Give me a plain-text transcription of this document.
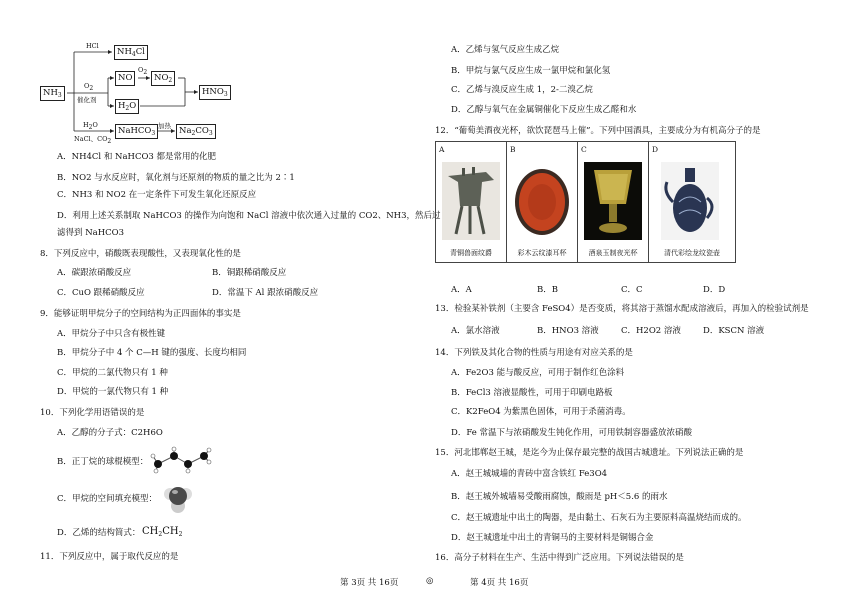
$NH_3$
HCl
$NH_4Cl$
$O_2$
催化剂
NO
$O_2$
$NO_2$
$H_2O$
$HNO_3$
$H_2O$
NaCl、$CO_2$
NaHCO$_3$
加热 $Na_2CO_3$
A．NH4Cl 和 NaHCO3 都是常用的化肥
B．NO2 与水反应时，氧化剂与还原剂的物质的量之比为 2∶1
C．NH3 和 NO2 在一定条件下可发生氧化还原反应
D．利用上述关系制取 NaHCO3 的操作为向饱和 NaCl 溶液中依次通入过量的 CO2、NH3，然后过
滤得到 NaHCO3
8．下列反应中，硝酸既表现酸性，又表现氧化性的是
A．碳跟浓硝酸反应	B．铜跟稀硝酸反应
C．CuO 跟稀硝酸反应	D．常温下 Al 跟浓硝酸反应
9．能够证明甲烷分子的空间结构为正四面体的事实是
A．甲烷分子中只含有极性键
B．甲烷分子中 4 个 C—H 键的强度、长度均相同
C．甲烷的二氯代物只有 1 种
D．甲烷的一氯代物只有 1 种
10．下列化学用语错误的是
A．乙醇的分子式：C2H6O
B．正丁烷的球棍模型：
C．甲烷的空间填充模型：
D．乙烯的结构简式： $CH_2CH_2$
11．下列反应中，属于取代反应的是
A．乙烯与氢气反应生成乙烷
B．甲烷与氯气反应生成一氯甲烷和氯化氢
C．乙烯与溴反应生成 1，2-二溴乙烷
D．乙醇与氧气在金属铜催化下反应生成乙醛和水
12．“葡萄美酒夜光杯，欲饮琵琶马上催”。下列中国酒具，主要成分为有机高分子的是
A
青铜兽面纹爵

B
彩木云纹漆耳杯

C
酒泉玉制夜光杯

D
清代彩绘龙纹瓷壶
A．A	B．B	C．C	D．D
13．检验某补铁剂（主要含 FeSO4）是否变质，将其溶于蒸馏水配成溶液后，再加入的检验试剂是
A．氯水溶液	B．HNO3 溶液	C．H2O2 溶液	D．KSCN 溶液
14．下列铁及其化合物的性质与用途有对应关系的是
A．Fe2O3 能与酸反应，可用于制作红色涂料
B．FeCl3 溶液显酸性，可用于印刷电路板
C．K2FeO4 为紫黑色固体，可用于杀菌消毒。
D．Fe 常温下与浓硝酸发生钝化作用，可用铁制容器盛放浓硝酸
15．河北邯郸赵王城，是迄今为止保存最完整的战国古城遗址。下列说法正确的是
A．赵王城城墙的青砖中富含铁红 Fe3O4
B．赵王城外城墙易受酸雨腐蚀，酸雨是 pH＜5.6 的雨水
C．赵王城遗址中出土的陶器，是由黏土、石灰石为主要原料高温烧结而成的。
D．赵王城遗址中出土的青铜马的主要材料是铜锡合金
16．高分子材料在生产、生活中得到广泛应用。下列说法错误的是
第 3页 共 16页	◎	第 4页 共 16页
